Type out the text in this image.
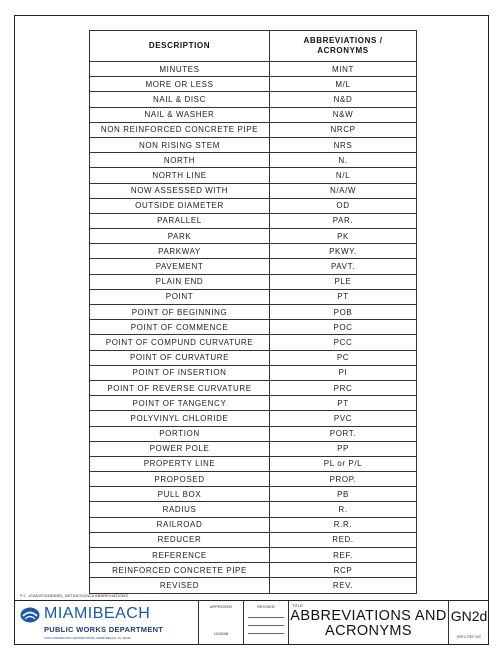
DESCRIPTION	ABBREVIATIONS /
ACRONYMS
MINUTES	MINT
MORE OR LESS	M/L
NAIL & DISC	N&D
NAIL & WASHER	N&W
NON REINFORCED CONCRETE PIPE	NRCP
NON RISING STEM	NRS
NORTH	N.
NORTH LINE	N/L
NOW ASSESSED WITH	N/A/W
OUTSIDE DIAMETER	OD
PARALLEL	PAR.
PARK	PK
PARKWAY	PKWY.
PAVEMENT	PAVT.
PLAIN END	PLE
POINT	PT
POINT OF BEGINNING	POB
POINT OF COMMENCE	POC
POINT OF COMPUND CURVATURE	PCC
POINT OF CURVATURE	PC
POINT OF INSERTION	PI
POINT OF REVERSE CURVATURE	PRC
POINT OF TANGENCY	PT
POLYVINYL CHLORIDE	PVC
PORTION	PORT.
POWER POLE	PP
PROPERTY LINE	PL or P/L
PROPOSED	PROP.
PULL BOX	PB
RADIUS	R.
RAILROAD	R.R.
REDUCER	RED.
REFERENCE	REF.
REINFORCED CONCRETE PIPE	RCP
REVISED	REV.
P:\...\CAD\STANDARD_DETAILS\GN2d ABBREVIATIONS
MIAMIBEACH
PUBLIC WORKS DEPARTMENT
1700 CONVENTION CENTER DRIVE, MIAMI BEACH, FL 33139
APPROVED
10/2008
REVISED	TITLE
ABBREVIATIONS AND
ACRONYMS
GN2d
SPEC REF N/C
